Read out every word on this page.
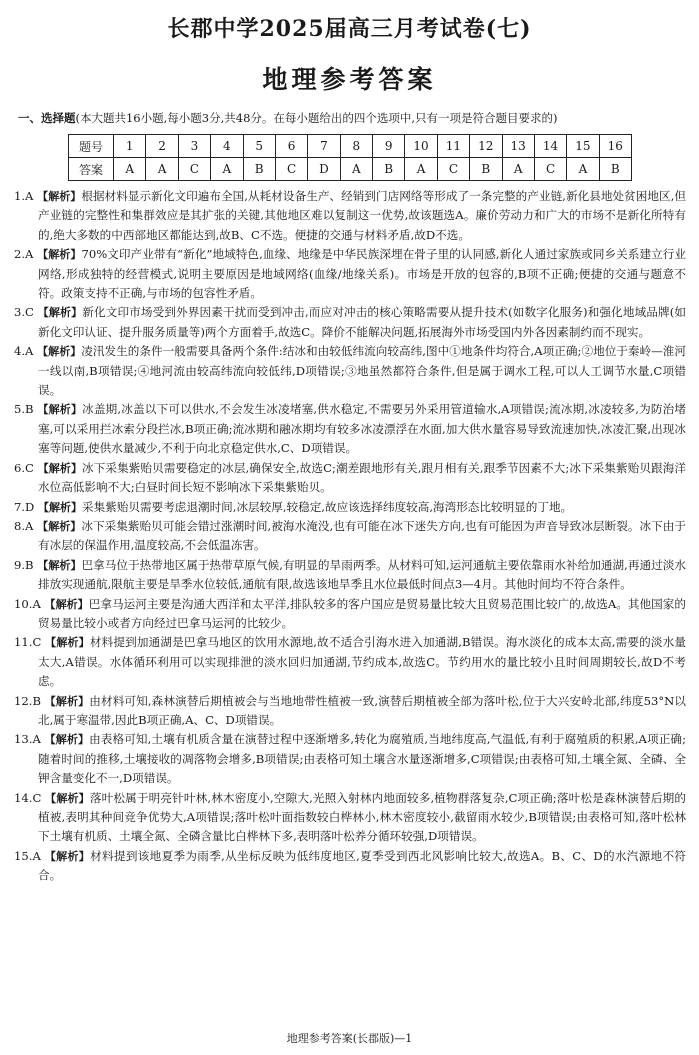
长郡中学2025届高三月考试卷(七)
地理参考答案
一、选择题(本大题共16小题,每小题3分,共48分。在每小题给出的四个选项中,只有一项是符合题目要求的)
题号	1	2	3	4	5	6	7	8	9	10	11	12	13	14	15	16
答案	A	A	C	A	B	C	D	A	B	A	C	B	A	C	A	B

1.A 【解析】根据材料显示新化文印遍布全国,从耗材设备生产、经销到门店网络等形成了一条完整的产业链,新化县地处贫困地区,但产业链的完整性和集群效应是其扩张的关键,其他地区难以复制这一优势,故该题选A。廉价劳动力和广大的市场不是新化所特有的,绝大多数的中西部地区都能达到,故B、C不选。便捷的交通与材料矛盾,故D不选。

2.A 【解析】70%文印产业带有“新化”地域特色,血缘、地缘是中华民族深埋在骨子里的认同感,新化人通过家族或同乡关系建立行业网络,形成独特的经营模式,说明主要原因是地域网络(血缘/地缘关系)。市场是开放的包容的,B项不正确;便捷的交通与题意不符。政策支持不正确,与市场的包容性矛盾。

3.C 【解析】新化文印市场受到外界因素干扰而受到冲击,而应对冲击的核心策略需要从提升技术(如数字化服务)和强化地域品牌(如新化文印认证、提升服务质量等)两个方面着手,故选C。降价不能解决问题,拓展海外市场受国内外各因素制约而不现实。

4.A 【解析】凌汛发生的条件一般需要具备两个条件:结冰和由较低纬流向较高纬,图中①地条件均符合,A项正确;②地位于秦岭—淮河一线以南,B项错误;④地河流由较高纬流向较低纬,D项错误;③地虽然都符合条件,但是属于调水工程,可以人工调节水量,C项错误。

5.B 【解析】冰盖期,冰盖以下可以供水,不会发生冰凌堵塞,供水稳定,不需要另外采用管道输水,A项错误;流冰期,冰凌较多,为防治堵塞,可以采用拦冰索分段拦冰,B项正确;流冰期和融冰期均有较多冰凌漂浮在水面,加大供水量容易导致流速加快,冰凌汇聚,出现冰塞等问题,使供水量减少,不利于向北京稳定供水,C、D项错误。

6.C 【解析】冰下采集紫贻贝需要稳定的冰层,确保安全,故选C;潮差跟地形有关,跟月相有关,跟季节因素不大;冰下采集紫贻贝跟海洋水位高低影响不大;白昼时间长短不影响冰下采集紫贻贝。

7.D 【解析】采集紫贻贝需要考虑退潮时间,冰层较厚,较稳定,故应该选择纬度较高,海湾形态比较明显的丁地。

8.A 【解析】冰下采集紫贻贝可能会错过涨潮时间,被海水淹没,也有可能在冰下迷失方向,也有可能因为声音导致冰层断裂。冰下由于有冰层的保温作用,温度较高,不会低温冻害。

9.B 【解析】巴拿马位于热带地区属于热带草原气候,有明显的旱雨两季。从材料可知,运河通航主要依靠雨水补给加通湖,再通过淡水排放实现通航,限航主要是旱季水位较低,通航有限,故选该地旱季且水位最低时间点3—4月。其他时间均不符合条件。

10.A 【解析】巴拿马运河主要是沟通大西洋和太平洋,排队较多的客户国应是贸易量比较大且贸易范围比较广的,故选A。其他国家的贸易量比较小或者方向经过巴拿马运河的比较少。

11.C 【解析】材料提到加通湖是巴拿马地区的饮用水源地,故不适合引海水进入加通湖,B错误。海水淡化的成本太高,需要的淡水量太大,A错误。水体循环利用可以实现排泄的淡水回归加通湖,节约成本,故选C。节约用水的量比较小且时间周期较长,故D不考虑。

12.B 【解析】由材料可知,森林演替后期植被会与当地地带性植被一致,演替后期植被全部为落叶松,位于大兴安岭北部,纬度53°N以北,属于寒温带,因此B项正确,A、C、D项错误。

13.A 【解析】由表格可知,土壤有机质含量在演替过程中逐渐增多,转化为腐殖质,当地纬度高,气温低,有利于腐殖质的积累,A项正确;随着时间的推移,土壤接收的凋落物会增多,B项错误;由表格可知土壤含水量逐渐增多,C项错误;由表格可知,土壤全氮、全磷、全钾含量变化不一,D项错误。

14.C 【解析】落叶松属于明亮针叶林,林木密度小,空隙大,光照入射林内地面较多,植物群落复杂,C项正确;落叶松是森林演替后期的植被,表明其种间竞争优势大,A项错误;落叶松叶面指数较白桦林小,林木密度较小,截留雨水较少,B项错误;由表格可知,落叶松林下土壤有机质、土壤全氮、全磷含量比白桦林下多,表明落叶松养分循环较强,D项错误。

15.A 【解析】材料提到该地夏季为雨季,从坐标反映为低纬度地区,夏季受到西北风影响比较大,故选A。B、C、D的水汽源地不符合。

地理参考答案(长郡版)—1
